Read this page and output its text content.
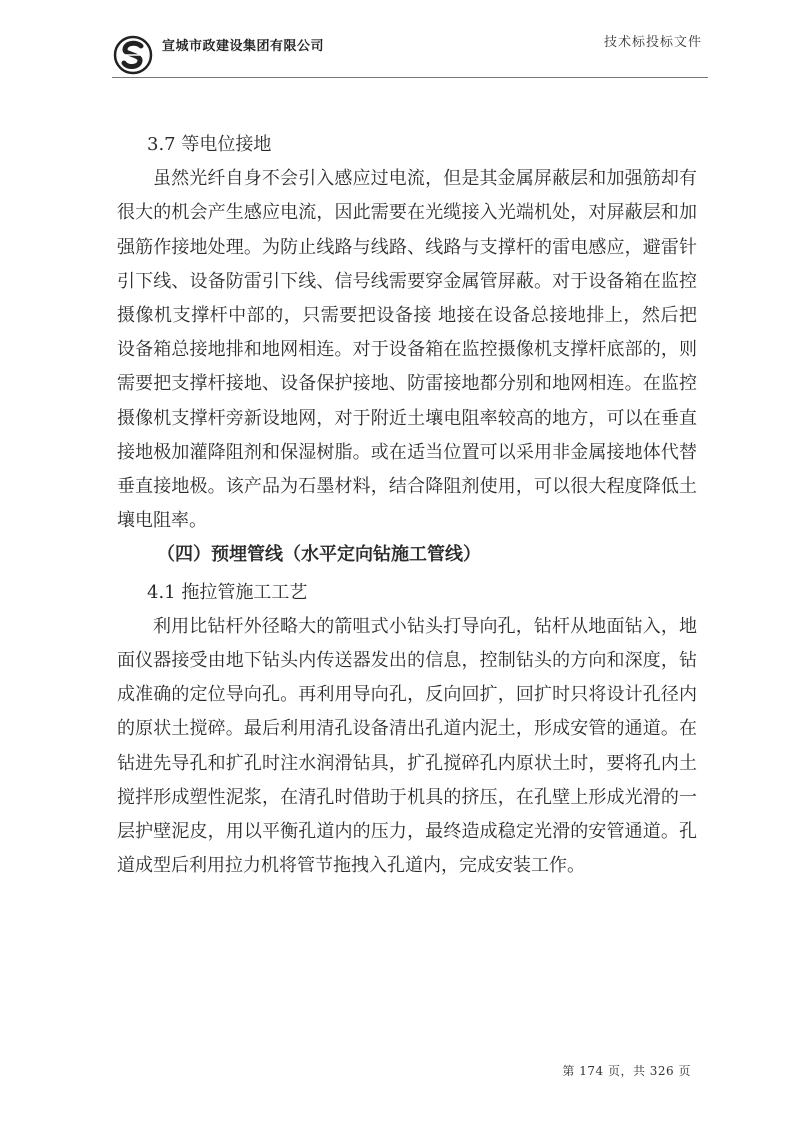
宣城市政建设集团有限公司	技术标投标文件

3.7 等电位接地

虽然光纤自身不会引入感应过电流，但是其金属屏蔽层和加强筋却有很大的机会产生感应电流，因此需要在光缆接入光端机处，对屏蔽层和加强筋作接地处理。为防止线路与线路、线路与支撑杆的雷电感应，避雷针引下线、设备防雷引下线、信号线需要穿金属管屏蔽。对于设备箱在监控摄像机支撑杆中部的，只需要把设备接 地接在设备总接地排上，然后把设备箱总接地排和地网相连。对于设备箱在监控摄像机支撑杆底部的，则需要把支撑杆接地、设备保护接地、防雷接地都分别和地网相连。在监控摄像机支撑杆旁新设地网，对于附近土壤电阻率较高的地方，可以在垂直接地极加灌降阻剂和保湿树脂。或在适当位置可以采用非金属接地体代替垂直接地极。该产品为石墨材料，结合降阻剂使用，可以很大程度降低土壤电阻率。

（四）预埋管线（水平定向钻施工管线）

4.1 拖拉管施工工艺

利用比钻杆外径略大的箭咀式小钻头打导向孔，钻杆从地面钻入，地面仪器接受由地下钻头内传送器发出的信息，控制钻头的方向和深度，钻成准确的定位导向孔。再利用导向孔，反向回扩，回扩时只将设计孔径内的原状土搅碎。最后利用清孔设备清出孔道内泥土，形成安管的通道。在钻进先导孔和扩孔时注水润滑钻具，扩孔搅碎孔内原状土时，要将孔内土搅拌形成塑性泥浆，在清孔时借助于机具的挤压，在孔壁上形成光滑的一层护壁泥皮，用以平衡孔道内的压力，最终造成稳定光滑的安管通道。孔道成型后利用拉力机将管节拖拽入孔道内，完成安装工作。

第 174 页，共 326 页
